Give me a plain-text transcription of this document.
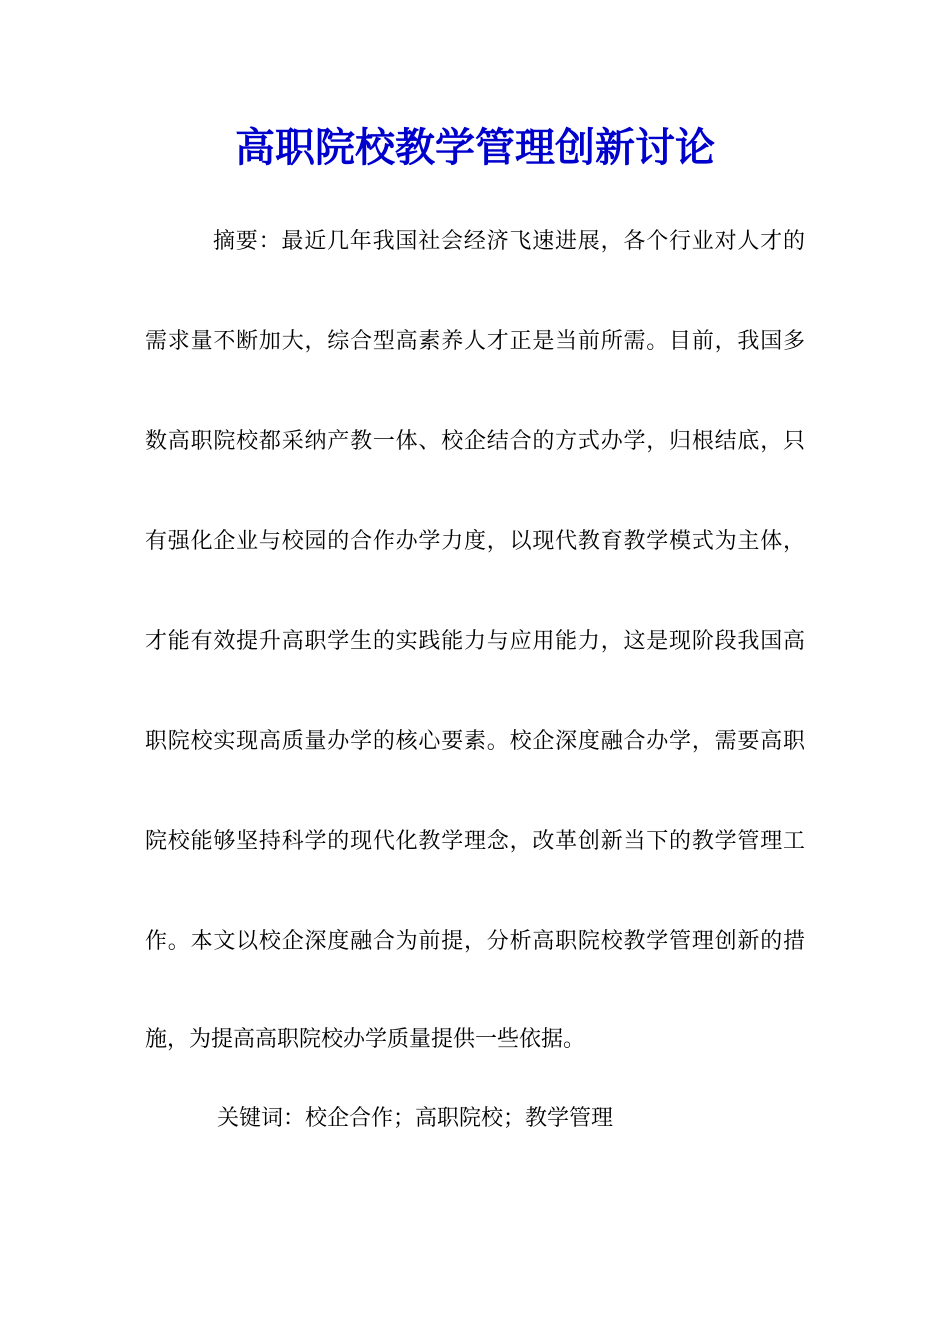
高职院校教学管理创新讨论
摘要：最近几年我国社会经济飞速进展，各个行业对人才的
需求量不断加大，综合型高素养人才正是当前所需。目前，我国多
数高职院校都采纳产教一体、校企结合的方式办学，归根结底，只
有强化企业与校园的合作办学力度，以现代教育教学模式为主体，
才能有效提升高职学生的实践能力与应用能力，这是现阶段我国高
职院校实现高质量办学的核心要素。校企深度融合办学，需要高职
院校能够坚持科学的现代化教学理念，改革创新当下的教学管理工
作。本文以校企深度融合为前提，分析高职院校教学管理创新的措
施，为提高高职院校办学质量提供一些依据。
关键词：校企合作；高职院校；教学管理
